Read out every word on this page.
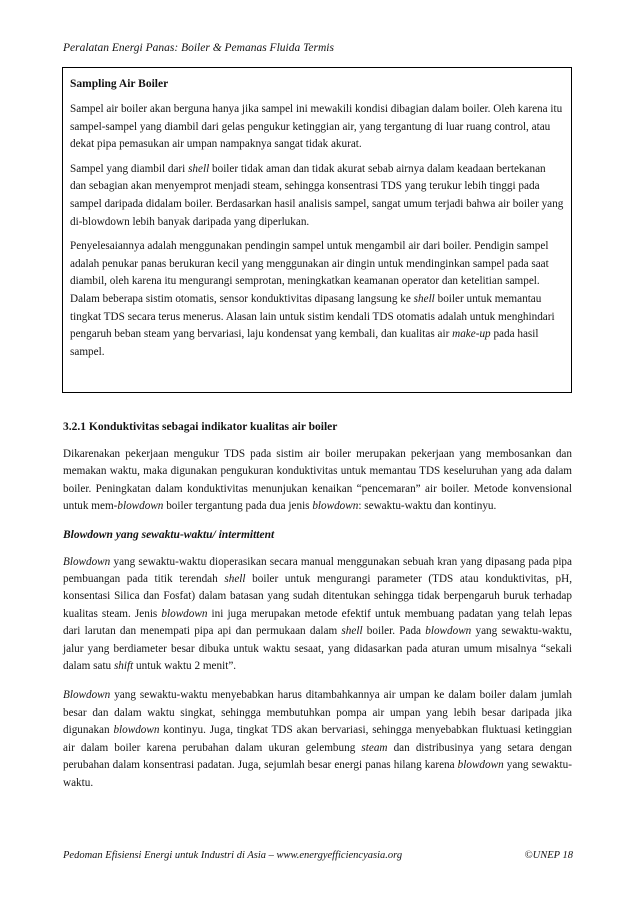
Peralatan Energi Panas: Boiler & Pemanas Fluida Termis
Sampling Air Boiler

Sampel air boiler akan berguna hanya jika sampel ini mewakili kondisi dibagian dalam boiler. Oleh karena itu sampel-sampel yang diambil dari gelas pengukur ketinggian air, yang tergantung di luar ruang control, atau dekat pipa pemasukan air umpan nampaknya sangat tidak akurat.

Sampel yang diambil dari shell boiler tidak aman dan tidak akurat sebab airnya dalam keadaan bertekanan dan sebagian akan menyemprot menjadi steam, sehingga konsentrasi TDS yang terukur lebih tinggi pada sampel daripada didalam boiler. Berdasarkan hasil analisis sampel, sangat umum terjadi bahwa air boiler yang di-blowdown lebih banyak daripada yang diperlukan.

Penyelesaiannya adalah menggunakan pendingin sampel untuk mengambil air dari boiler. Pendigin sampel adalah penukar panas berukuran kecil yang menggunakan air dingin untuk mendinginkan sampel pada saat diambil, oleh karena itu mengurangi semprotan, meningkatkan keamanan operator dan ketelitian sampel. Dalam beberapa sistim otomatis, sensor konduktivitas dipasang langsung ke shell boiler untuk memantau tingkat TDS secara terus menerus. Alasan lain untuk sistim kendali TDS otomatis adalah untuk menghindari pengaruh beban steam yang bervariasi, laju kondensat yang kembali, dan kualitas air make-up pada hasil sampel.

3.2.1 Konduktivitas sebagai indikator kualitas air boiler

Dikarenakan pekerjaan mengukur TDS pada sistim air boiler merupakan pekerjaan yang membosankan dan memakan waktu, maka digunakan pengukuran konduktivitas untuk memantau TDS keseluruhan yang ada dalam boiler. Peningkatan dalam konduktivitas menunjukan kenaikan “pencemaran” air boiler. Metode konvensional untuk mem-blowdown boiler tergantung pada dua jenis blowdown: sewaktu-waktu dan kontinyu.

Blowdown yang sewaktu-waktu/ intermittent

Blowdown yang sewaktu-waktu dioperasikan secara manual menggunakan sebuah kran yang dipasang pada pipa pembuangan pada titik terendah shell boiler untuk mengurangi parameter (TDS atau konduktivitas, pH, konsentasi Silica dan Fosfat) dalam batasan yang sudah ditentukan sehingga tidak berpengaruh buruk terhadap kualitas steam. Jenis blowdown ini juga merupakan metode efektif untuk membuang padatan yang telah lepas dari larutan dan menempati pipa api dan permukaan dalam shell boiler. Pada blowdown yang sewaktu-waktu, jalur yang berdiameter besar dibuka untuk waktu sesaat, yang didasarkan pada aturan umum misalnya “sekali dalam satu shift untuk waktu 2 menit”.

Blowdown yang sewaktu-waktu menyebabkan harus ditambahkannya air umpan ke dalam boiler dalam jumlah besar dan dalam waktu singkat, sehingga membutuhkan pompa air umpan yang lebih besar daripada jika digunakan blowdown kontinyu. Juga, tingkat TDS akan bervariasi, sehingga menyebabkan fluktuasi ketinggian air dalam boiler karena perubahan dalam ukuran gelembung steam dan distribusinya yang setara dengan perubahan dalam konsentrasi padatan. Juga, sejumlah besar energi panas hilang karena blowdown yang sewaktu-waktu.

Pedoman Efisiensi Energi untuk Industri di Asia – www.energyefficiencyasia.org	©UNEP 18
